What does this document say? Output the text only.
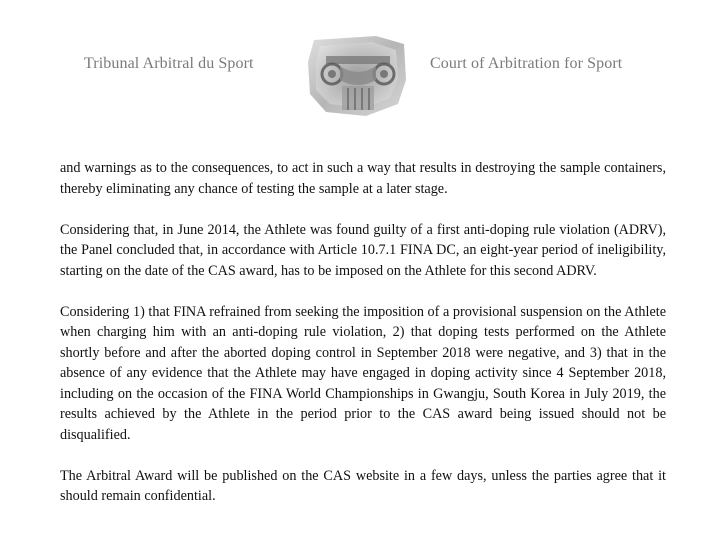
Tribunal Arbitral du Sport	Court of Arbitration for Sport

and warnings as to the consequences, to act in such a way that results in destroying the sample containers, thereby eliminating any chance of testing the sample at a later stage.

Considering that, in June 2014, the Athlete was found guilty of a first anti-doping rule violation (ADRV), the Panel concluded that, in accordance with Article 10.7.1 FINA DC, an eight-year period of ineligibility, starting on the date of the CAS award, has to be imposed on the Athlete for this second ADRV.

Considering 1) that FINA refrained from seeking the imposition of a provisional suspension on the Athlete when charging him with an anti-doping rule violation, 2) that doping tests performed on the Athlete shortly before and after the aborted doping control in September 2018 were negative, and 3) that in the absence of any evidence that the Athlete may have engaged in doping activity since 4 September 2018, including on the occasion of the FINA World Championships in Gwangju, South Korea in July 2019, the results achieved by the Athlete in the period prior to the CAS award being issued should not be disqualified.

The Arbitral Award will be published on the CAS website in a few days, unless the parties agree that it should remain confidential.
